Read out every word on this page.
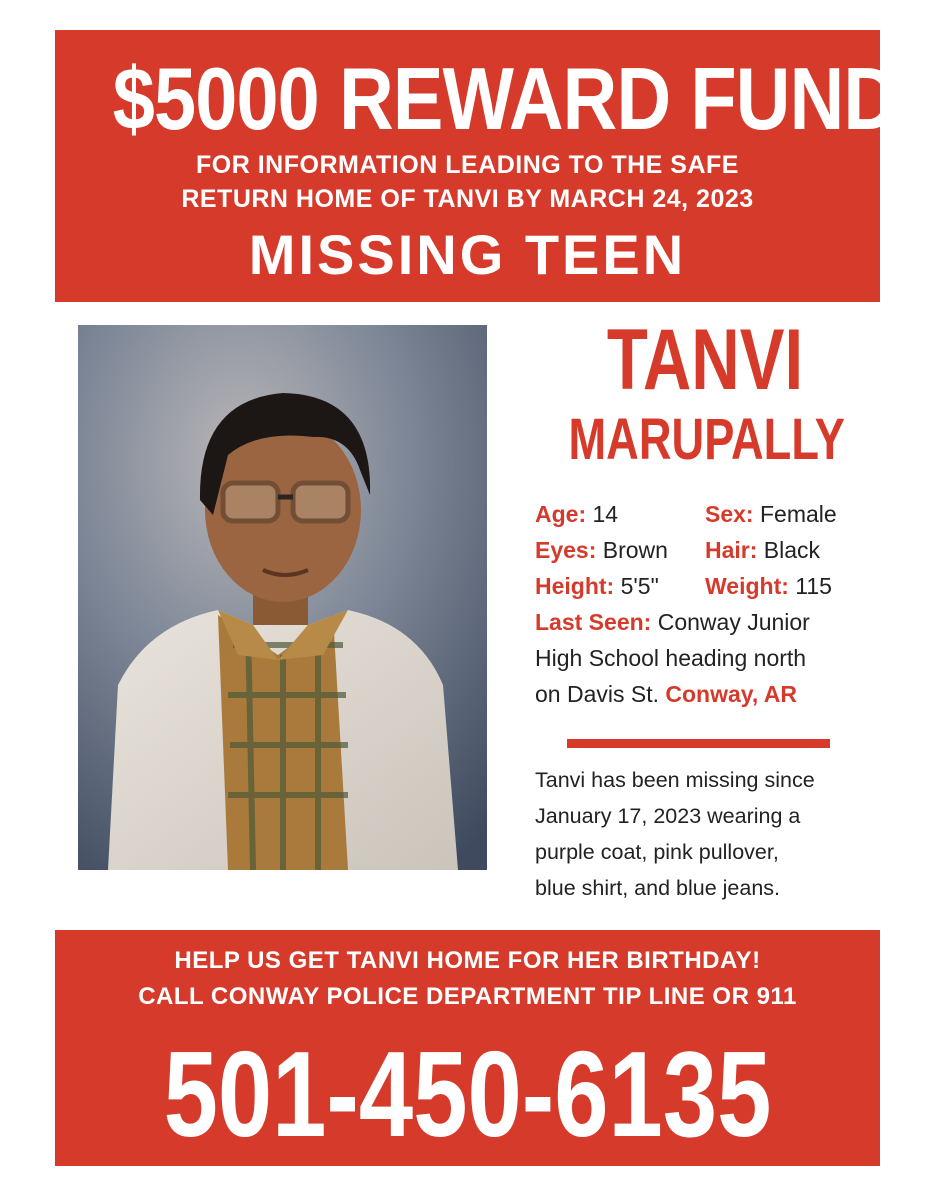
$5000 REWARD FUND
FOR INFORMATION LEADING TO THE SAFE
RETURN HOME OF TANVI BY MARCH 24, 2023
MISSING TEEN
TANVI
MARUPALLY
Age: 14	Sex: Female
Eyes: Brown Hair: Black
Height: 5'5" Weight: 115
Last Seen: Conway Junior
High School heading north
on Davis St. Conway, AR
Tanvi has been missing since
January 17, 2023 wearing a
purple coat, pink pullover,
blue shirt, and blue jeans.
HELP US GET TANVI HOME FOR HER BIRTHDAY!
CALL CONWAY POLICE DEPARTMENT TIP LINE OR 911
501-450-6135
